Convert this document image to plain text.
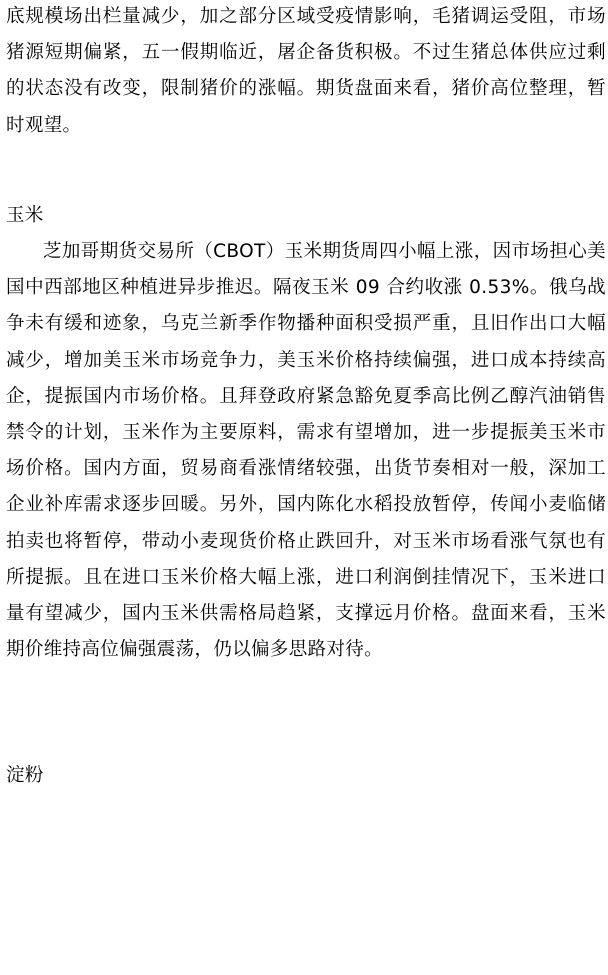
底规模场出栏量减少，加之部分区域受疫情影响，毛猪调运受阻，市场猪源短期偏紧，五一假期临近，屠企备货积极。不过生猪总体供应过剩的状态没有改变，限制猪价的涨幅。期货盘面来看，猪价高位整理，暂时观望。

玉米

芝加哥期货交易所（CBOT）玉米期货周四小幅上涨，因市场担心美国中西部地区种植进异步推迟。隔夜玉米 09 合约收涨 0.53%。俄乌战争未有缓和迹象，乌克兰新季作物播种面积受损严重，且旧作出口大幅减少，增加美玉米市场竞争力，美玉米价格持续偏强，进口成本持续高企，提振国内市场价格。且拜登政府紧急豁免夏季高比例乙醇汽油销售禁令的计划，玉米作为主要原料，需求有望增加，进一步提振美玉米市场价格。国内方面，贸易商看涨情绪较强，出货节奏相对一般，深加工企业补库需求逐步回暖。另外，国内陈化水稻投放暂停，传闻小麦临储拍卖也将暂停，带动小麦现货价格止跌回升，对玉米市场看涨气氛也有所提振。且在进口玉米价格大幅上涨，进口利润倒挂情况下，玉米进口量有望减少，国内玉米供需格局趋紧，支撑远月价格。盘面来看，玉米期价维持高位偏强震荡，仍以偏多思路对待。

淀粉
